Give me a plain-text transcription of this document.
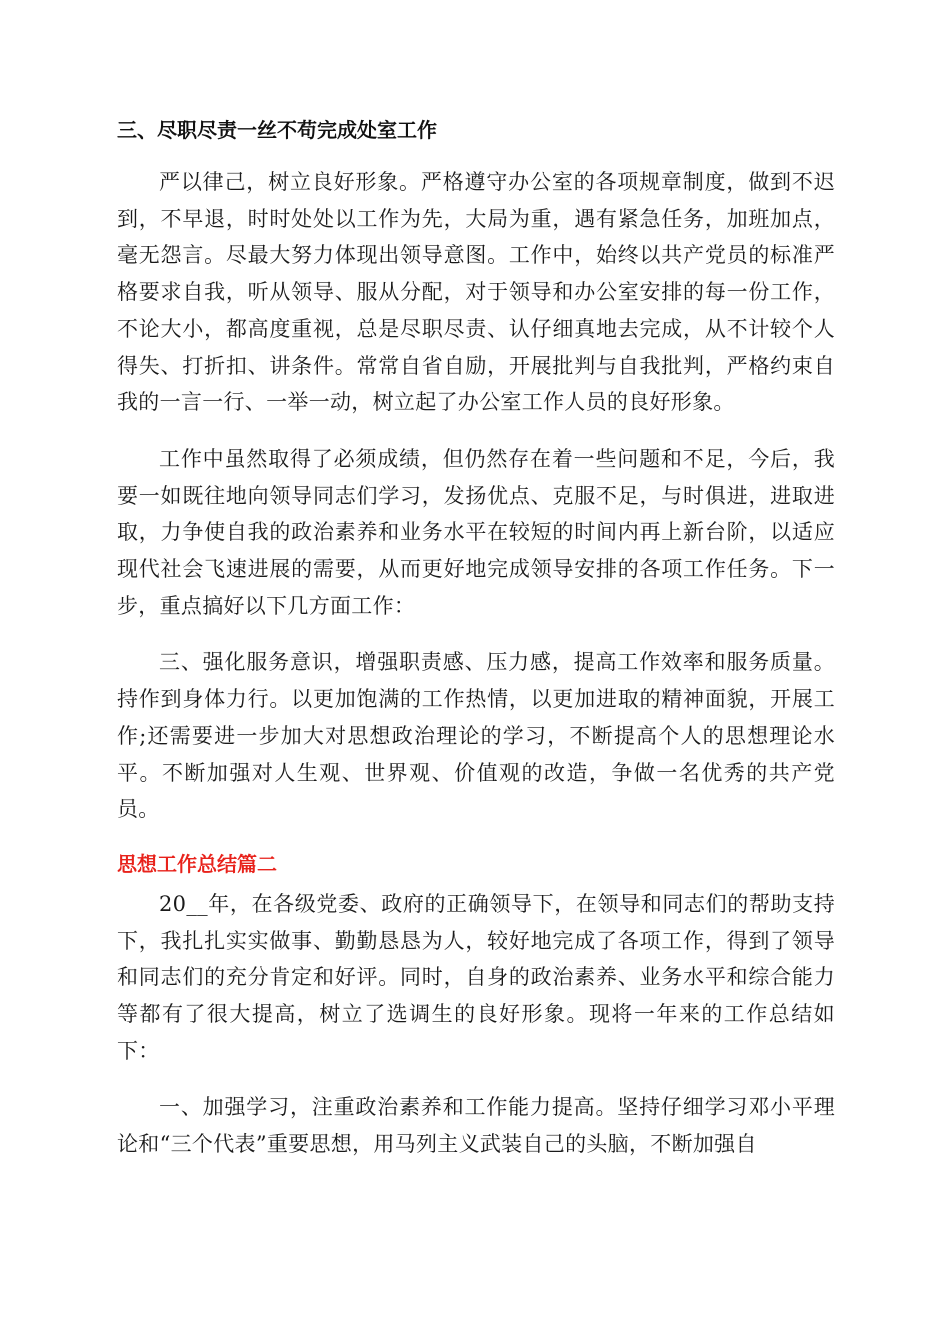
三、尽职尽责一丝不苟完成处室工作

严以律己，树立良好形象。严格遵守办公室的各项规章制度，做到不迟到，不早退，时时处处以工作为先，大局为重，遇有紧急任务，加班加点，毫无怨言。尽最大努力体现出领导意图。工作中，始终以共产党员的标准严格要求自我，听从领导、服从分配，对于领导和办公室安排的每一份工作，不论大小，都高度重视，总是尽职尽责、认仔细真地去完成，从不计较个人得失、打折扣、讲条件。常常自省自励，开展批判与自我批判，严格约束自我的一言一行、一举一动，树立起了办公室工作人员的良好形象。

工作中虽然取得了必须成绩，但仍然存在着一些问题和不足，今后，我要一如既往地向领导同志们学习，发扬优点、克服不足，与时俱进，进取进取，力争使自我的政治素养和业务水平在较短的时间内再上新台阶，以适应现代社会飞速进展的需要，从而更好地完成领导安排的各项工作任务。下一步，重点搞好以下几方面工作：

三、强化服务意识，增强职责感、压力感，提高工作效率和服务质量。持作到身体力行。以更加饱满的工作热情，以更加进取的精神面貌，开展工作;还需要进一步加大对思想政治理论的学习，不断提高个人的思想理论水平。不断加强对人生观、世界观、价值观的改造，争做一名优秀的共产党员。

思想工作总结篇二

20__年，在各级党委、政府的正确领导下，在领导和同志们的帮助支持下，我扎扎实实做事、勤勤恳恳为人，较好地完成了各项工作，得到了领导和同志们的充分肯定和好评。同时，自身的政治素养、业务水平和综合能力等都有了很大提高，树立了选调生的良好形象。现将一年来的工作总结如下：

一、加强学习，注重政治素养和工作能力提高。坚持仔细学习邓小平理论和“三个代表”重要思想，用马列主义武装自己的头脑，不断加强自
